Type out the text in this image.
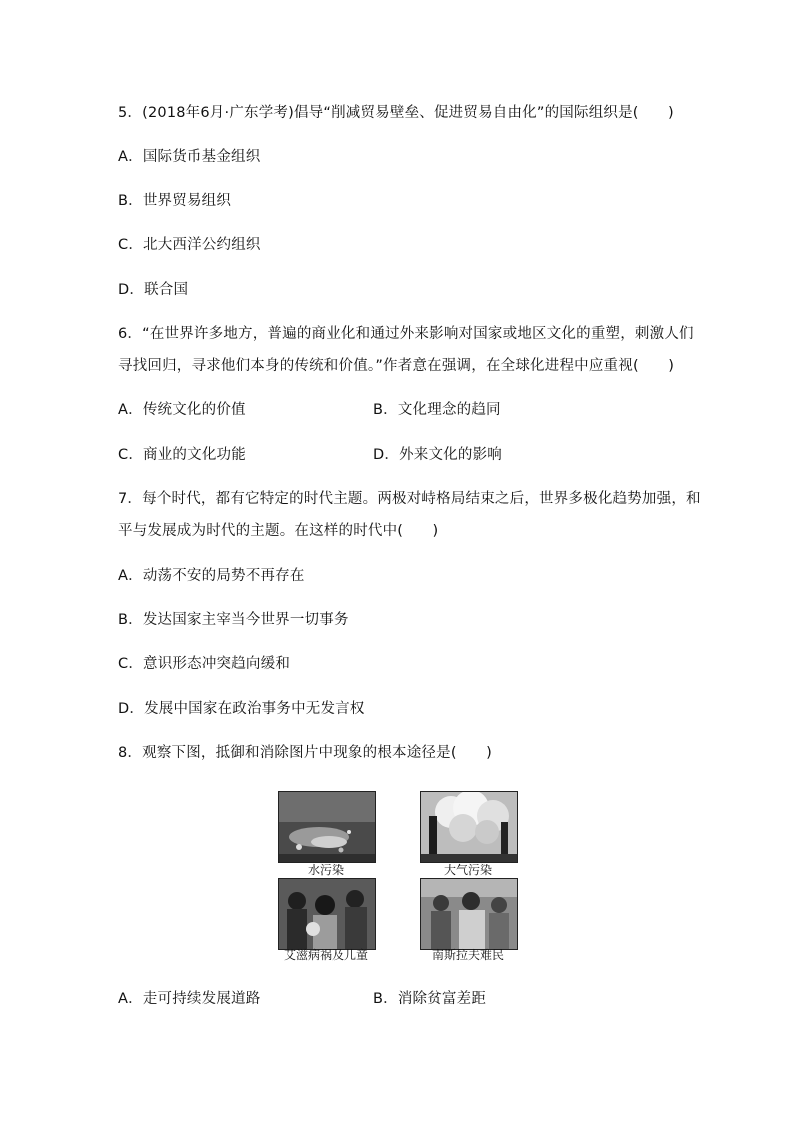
5．(2018年6月·广东学考)倡导“削减贸易壁垒、促进贸易自由化”的国际组织是(　　)
A．国际货币基金组织
B．世界贸易组织
C．北大西洋公约组织
D．联合国
6．“在世界许多地方，普遍的商业化和通过外来影响对国家或地区文化的重塑，刺激人们
寻找回归，寻求他们本身的传统和价值。”作者意在强调，在全球化进程中应重视(　　)
A．传统文化的价值	B．文化理念的趋同
C．商业的文化功能	D．外来文化的影响
7．每个时代，都有它特定的时代主题。两极对峙格局结束之后，世界多极化趋势加强，和
平与发展成为时代的主题。在这样的时代中(　　)
A．动荡不安的局势不再存在
B．发达国家主宰当今世界一切事务
C．意识形态冲突趋向缓和
D．发展中国家在政治事务中无发言权
8．观察下图，抵御和消除图片中现象的根本途径是(　　)
水污染	大气污染
艾滋病祸及儿童	南斯拉夫难民
A．走可持续发展道路	B．消除贫富差距
